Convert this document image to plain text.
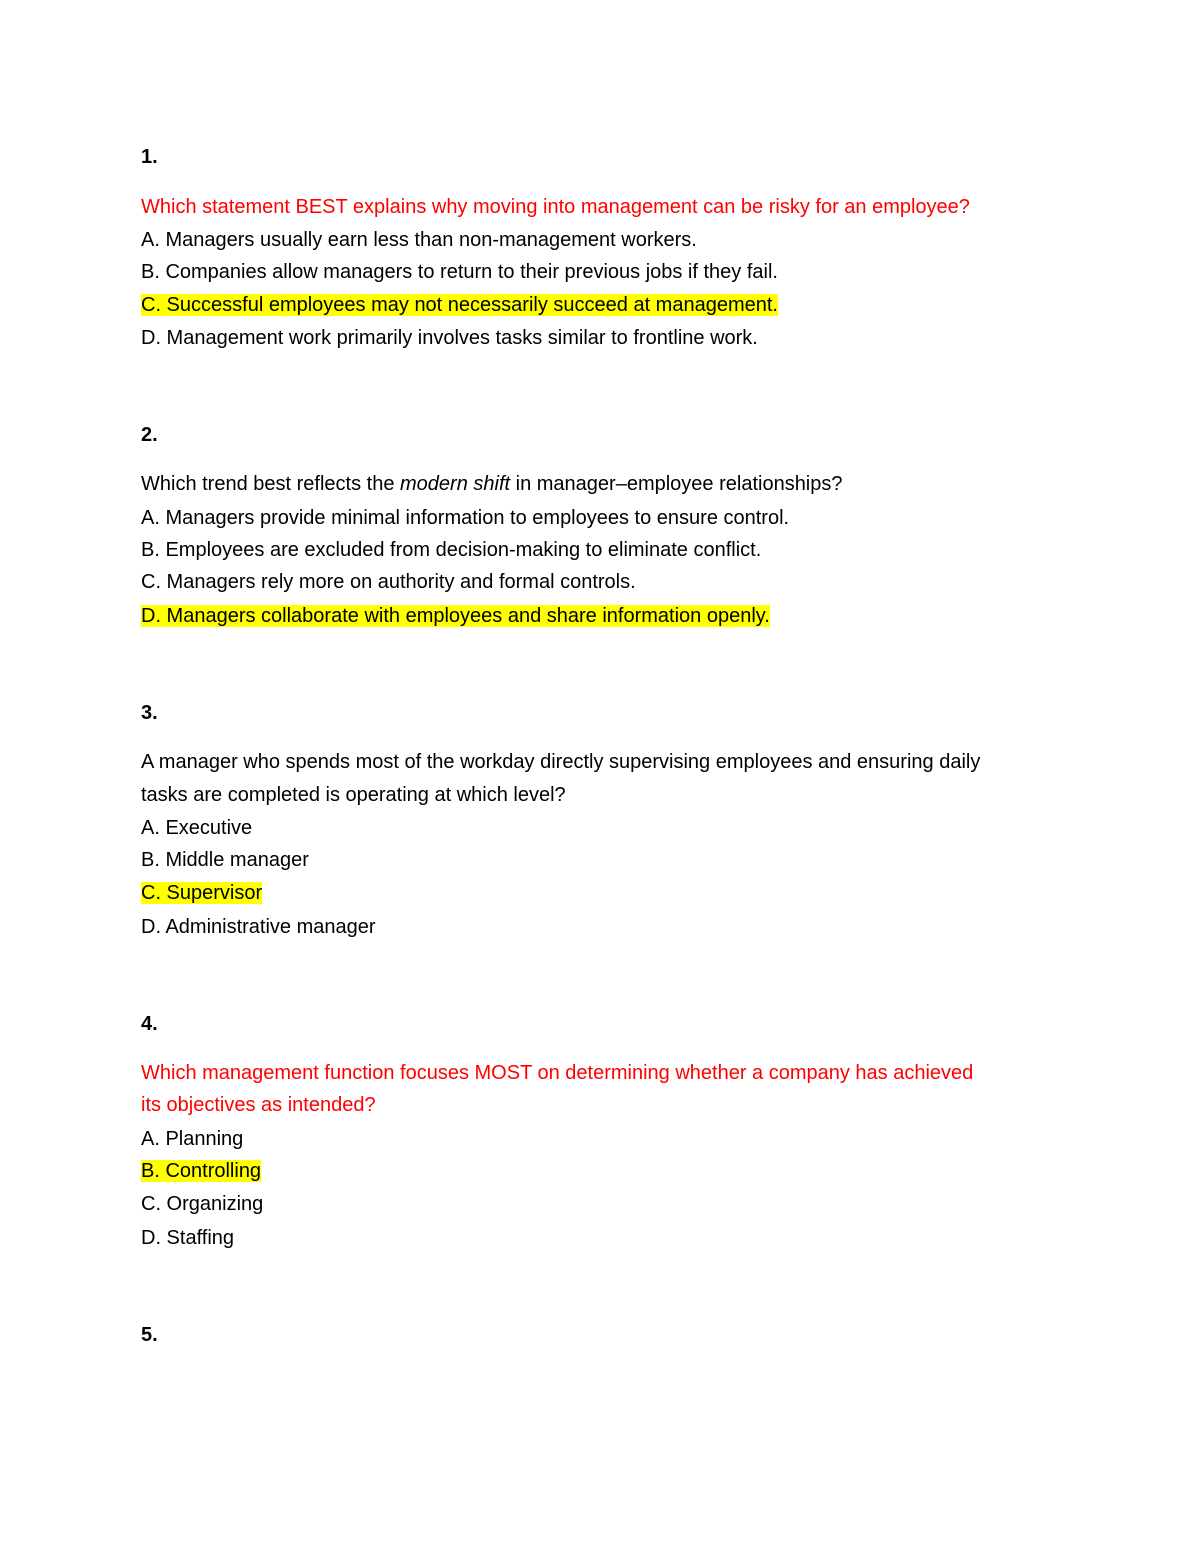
1.
Which statement BEST explains why moving into management can be risky for an employee?
A. Managers usually earn less than non-management workers.
B. Companies allow managers to return to their previous jobs if they fail.
C. Successful employees may not necessarily succeed at management.
D. Management work primarily involves tasks similar to frontline work.
2.
Which trend best reflects the modern shift in manager–employee relationships?
A. Managers provide minimal information to employees to ensure control.
B. Employees are excluded from decision-making to eliminate conflict.
C. Managers rely more on authority and formal controls.
D. Managers collaborate with employees and share information openly.
3.
A manager who spends most of the workday directly supervising employees and ensuring daily
tasks are completed is operating at which level?
A. Executive
B. Middle manager
C. Supervisor
D. Administrative manager
4.
Which management function focuses MOST on determining whether a company has achieved
its objectives as intended?
A. Planning
B. Controlling
C. Organizing
D. Staffing
5.
